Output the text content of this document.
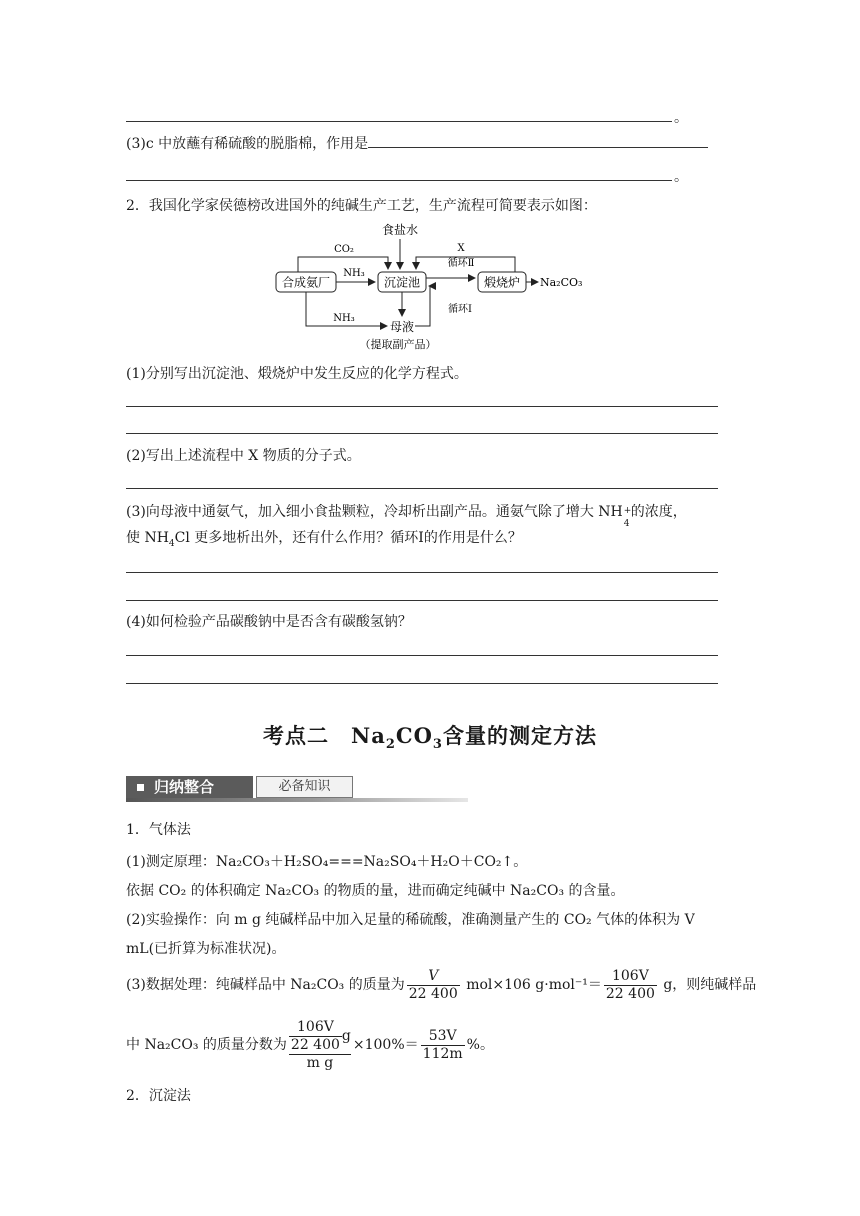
。
(3)c 中放蘸有稀硫酸的脱脂棉，作用是
。
2．我国化学家侯德榜改进国外的纯碱生产工艺，生产流程可简要表示如图：
食盐水
合成氨厂	沉淀池	煅烧炉 Na₂CO₃
CO₂
NH₃
X
循环Ⅱ
循环Ⅰ
NH₃
母液
（提取副产品）
(1)分别写出沉淀池、煅烧炉中发生反应的化学方程式。
(2)写出上述流程中 X 物质的分子式。
(3)向母液中通氨气，加入细小食盐颗粒，冷却析出副产品。通氨气除了增大 NH +
4
的浓度，
使 $NH_4Cl$ 更多地析出外，还有什么作用？循环Ⅰ的作用是什么？
(4)如何检验产品碳酸钠中是否含有碳酸氢钠？
考点二　$Na_2CO_3$含量的测定方法
归纳整合	必备知识
1．气体法
(1)测定原理：Na₂CO₃＋H₂SO₄===Na₂SO₄＋H₂O＋CO₂↑。
依据 CO₂ 的体积确定 Na₂CO₃ 的物质的量，进而确定纯碱中 Na₂CO₃ 的含量。
(2)实验操作：向 m g 纯碱样品中加入足量的稀硫酸，准确测量产生的 CO₂ 气体的体积为 V
mL(已折算为标准状况)。
(3)数据处理：纯碱样品中 Na₂CO₃ 的质量为 $\frac{V}{22 400} mol\times 106$ $g\cdot mol^{-1}= \frac{106V}{22 400}$ g，则纯碱样品
中 Na₂CO₃ 的质量分数为 $\frac{\frac{106V}{22 400} g}{\text{m g}} \times 100\%= \frac{53V}{112m}$ %。
2．沉淀法
